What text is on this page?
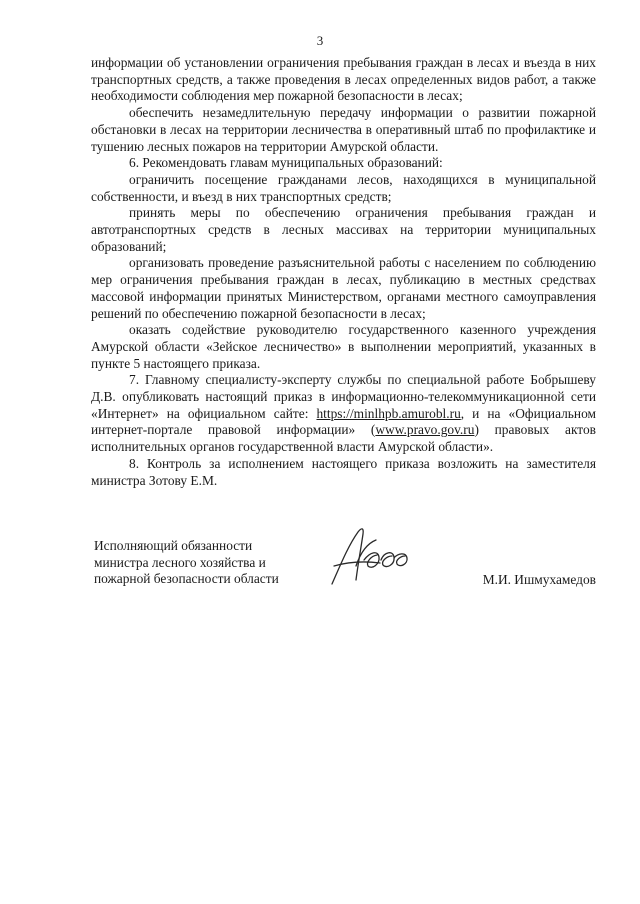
3

информации об установлении ограничения пребывания граждан в лесах и въезда в них транспортных средств, а также проведения в лесах определенных видов работ, а также необходимости соблюдения мер пожарной безопасности в лесах;

обеспечить незамедлительную передачу информации о развитии пожарной обстановки в лесах на территории лесничества в оперативный штаб по профилактике и тушению лесных пожаров на территории Амурской области.

6. Рекомендовать главам муниципальных образований:

ограничить посещение гражданами лесов, находящихся в муниципальной собственности, и въезд в них транспортных средств;

принять меры по обеспечению ограничения пребывания граждан и автотранспортных средств в лесных массивах на территории муниципальных образований;

организовать проведение разъяснительной работы с населением по соблюдению мер ограничения пребывания граждан в лесах, публикацию в местных средствах массовой информации принятых Министерством, органами местного самоуправления решений по обеспечению пожарной безопасности в лесах;

оказать содействие руководителю государственного казенного учреждения Амурской области «Зейское лесничество» в выполнении мероприятий, указанных в пункте 5 настоящего приказа.

7. Главному специалисту-эксперту службы по специальной работе Бобрышеву Д.В. опубликовать настоящий приказ в информационно-телекоммуникационной сети «Интернет» на официальном сайте: https://minlhpb.amurobl.ru, и на «Официальном интернет-портале правовой информации» (www.pravo.gov.ru) правовых актов исполнительных органов государственной власти Амурской области».

8. Контроль за исполнением настоящего приказа возложить на заместителя министра Зотову Е.М.

Исполняющий обязанности
министра лесного хозяйства и
пожарной безопасности области	М.И. Ишмухамедов
